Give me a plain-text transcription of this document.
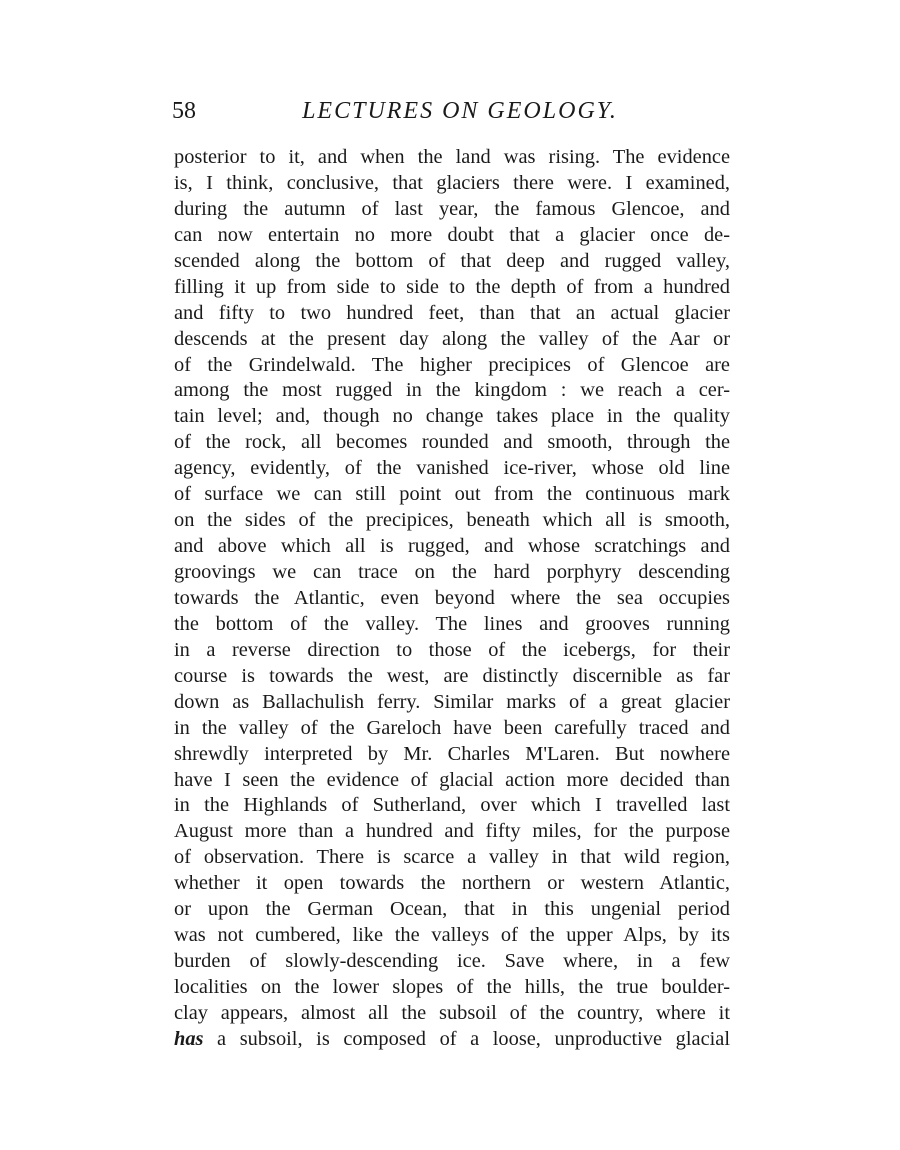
58	LECTURES ON GEOLOGY.
posterior to it, and when the land was rising. The evidence
is, I think, conclusive, that glaciers there were. I examined,
during the autumn of last year, the famous Glencoe, and
can now entertain no more doubt that a glacier once de-
scended along the bottom of that deep and rugged valley,
filling it up from side to side to the depth of from a hundred
and fifty to two hundred feet, than that an actual glacier
descends at the present day along the valley of the Aar or
of the Grindelwald. The higher precipices of Glencoe are
among the most rugged in the kingdom : we reach a cer-
tain level; and, though no change takes place in the quality
of the rock, all becomes rounded and smooth, through the
agency, evidently, of the vanished ice-river, whose old line
of surface we can still point out from the continuous mark
on the sides of the precipices, beneath which all is smooth,
and above which all is rugged, and whose scratchings and
groovings we can trace on the hard porphyry descending
towards the Atlantic, even beyond where the sea occupies
the bottom of the valley. The lines and grooves running
in a reverse direction to those of the icebergs, for their
course is towards the west, are distinctly discernible as far
down as Ballachulish ferry. Similar marks of a great glacier
in the valley of the Gareloch have been carefully traced and
shrewdly interpreted by Mr. Charles M'Laren. But nowhere
have I seen the evidence of glacial action more decided than
in the Highlands of Sutherland, over which I travelled last
August more than a hundred and fifty miles, for the purpose
of observation. There is scarce a valley in that wild region,
whether it open towards the northern or western Atlantic,
or upon the German Ocean, that in this ungenial period
was not cumbered, like the valleys of the upper Alps, by its
burden of slowly-descending ice. Save where, in a few
localities on the lower slopes of the hills, the true boulder-
clay appears, almost all the subsoil of the country, where it
has a subsoil, is composed of a loose, unproductive glacial
